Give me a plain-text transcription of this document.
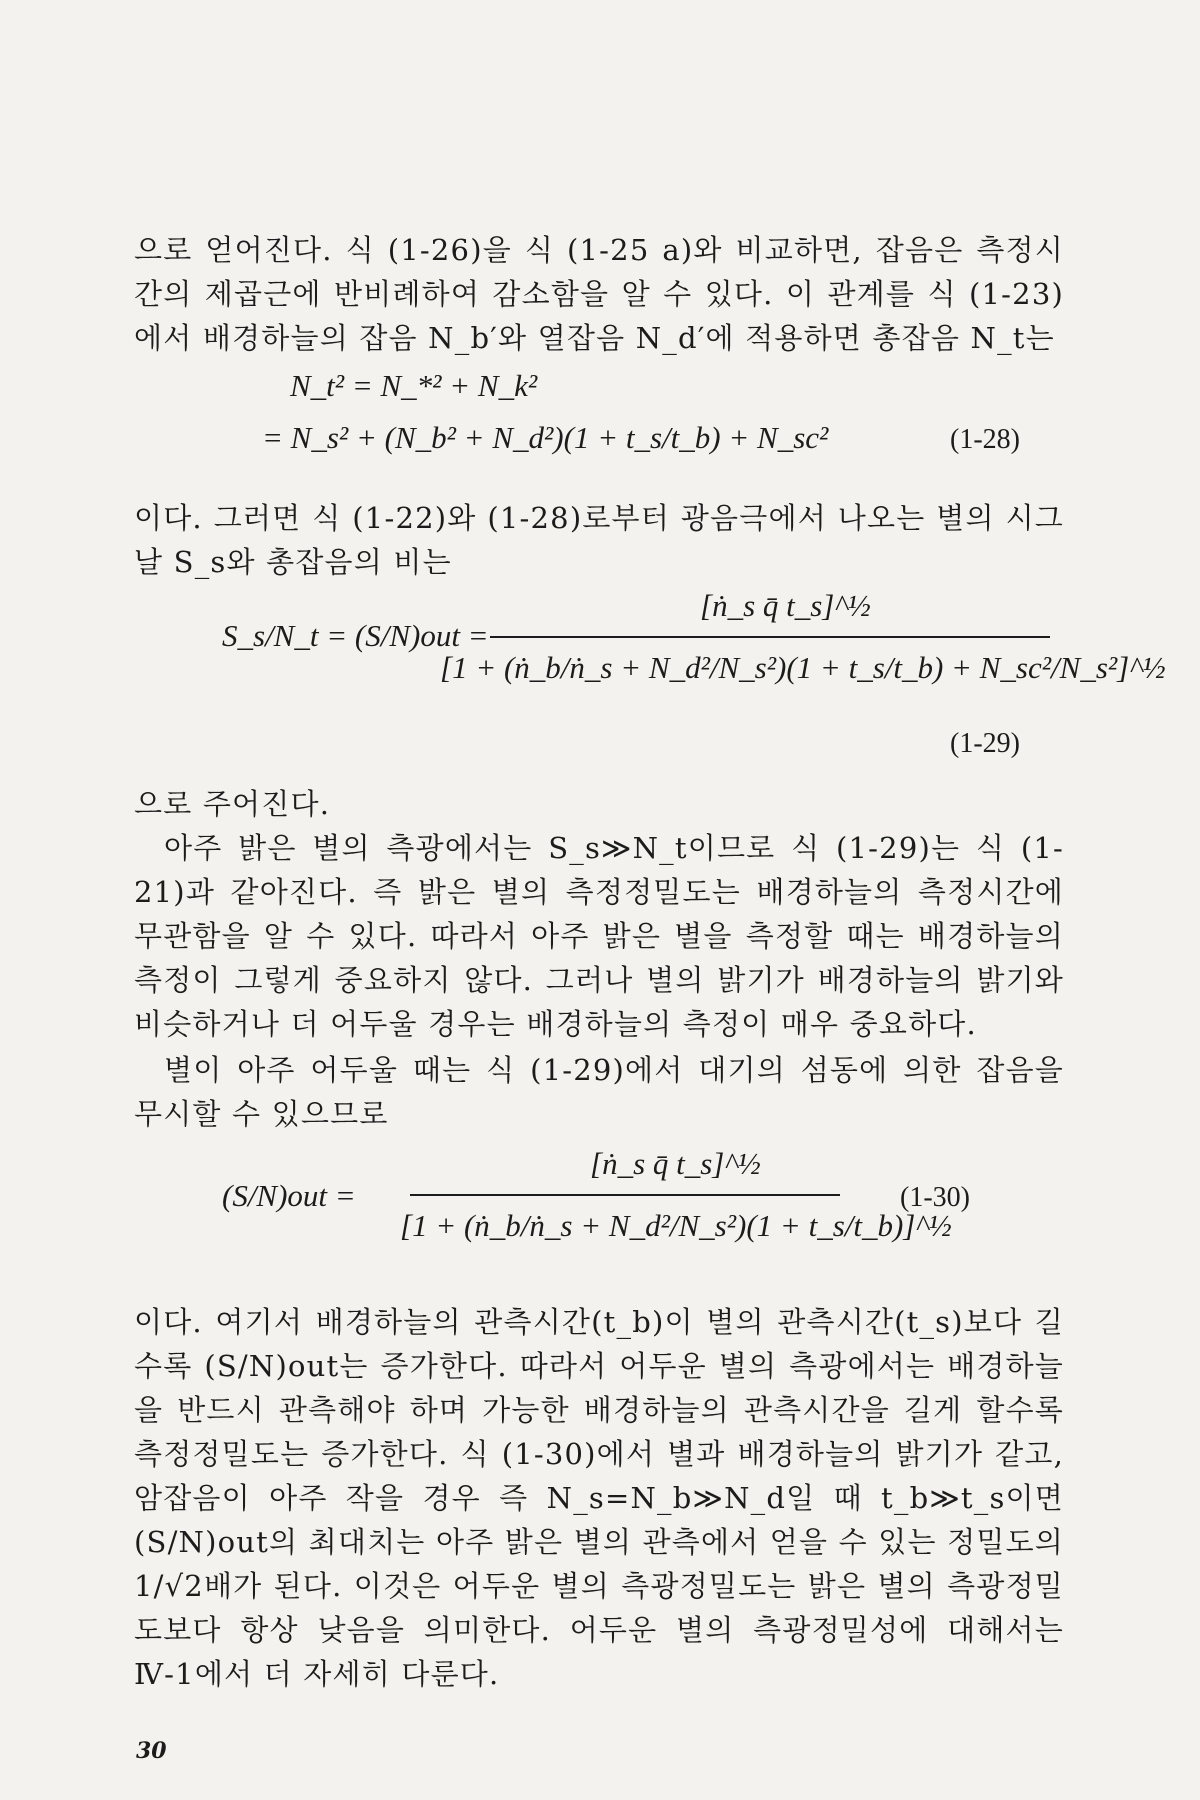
으로 얻어진다. 식 (1-26)을 식 (1-25 a)와 비교하면, 잡음은 측정시간의 제곱근에 반비례하여 감소함을 알 수 있다. 이 관계를 식 (1-23)에서 배경하늘의 잡음 N_b′와 열잡음 N_d′에 적용하면 총잡음 N_t는
N_t² = N_*² + N_k²
= N_s² + (N_b² + N_d²)(1 + t_s/t_b) + N_sc²	(1-28)
이다. 그러면 식 (1-22)와 (1-28)로부터 광음극에서 나오는 별의 시그날 S_s와 총잡음의 비는
S_s/N_t = (S/N)out =
[ṅ_s q̄ t_s]^½
[1 + (ṅ_b/ṅ_s + N_d²/N_s²)(1 + t_s/t_b) + N_sc²/N_s²]^½
(1-29)
으로 주어진다.
아주 밝은 별의 측광에서는 S_s≫N_t이므로 식 (1-29)는 식 (1-21)과 같아진다. 즉 밝은 별의 측정정밀도는 배경하늘의 측정시간에 무관함을 알 수 있다. 따라서 아주 밝은 별을 측정할 때는 배경하늘의 측정이 그렇게 중요하지 않다. 그러나 별의 밝기가 배경하늘의 밝기와 비슷하거나 더 어두울 경우는 배경하늘의 측정이 매우 중요하다.
별이 아주 어두울 때는 식 (1-29)에서 대기의 섬동에 의한 잡음을 무시할 수 있으므로
(S/N)out =
[ṅ_s q̄ t_s]^½
[1 + (ṅ_b/ṅ_s + N_d²/N_s²)(1 + t_s/t_b)]^½
(1-30)
이다. 여기서 배경하늘의 관측시간(t_b)이 별의 관측시간(t_s)보다 길수록 (S/N)out는 증가한다. 따라서 어두운 별의 측광에서는 배경하늘을 반드시 관측해야 하며 가능한 배경하늘의 관측시간을 길게 할수록 측정정밀도는 증가한다. 식 (1-30)에서 별과 배경하늘의 밝기가 같고, 암잡음이 아주 작을 경우 즉 N_s=N_b≫N_d일 때 t_b≫t_s이면 (S/N)out의 최대치는 아주 밝은 별의 관측에서 얻을 수 있는 정밀도의 1/√2배가 된다. 이것은 어두운 별의 측광정밀도는 밝은 별의 측광정밀도보다 항상 낮음을 의미한다. 어두운 별의 측광정밀성에 대해서는 Ⅳ-1에서 더 자세히 다룬다.
30
